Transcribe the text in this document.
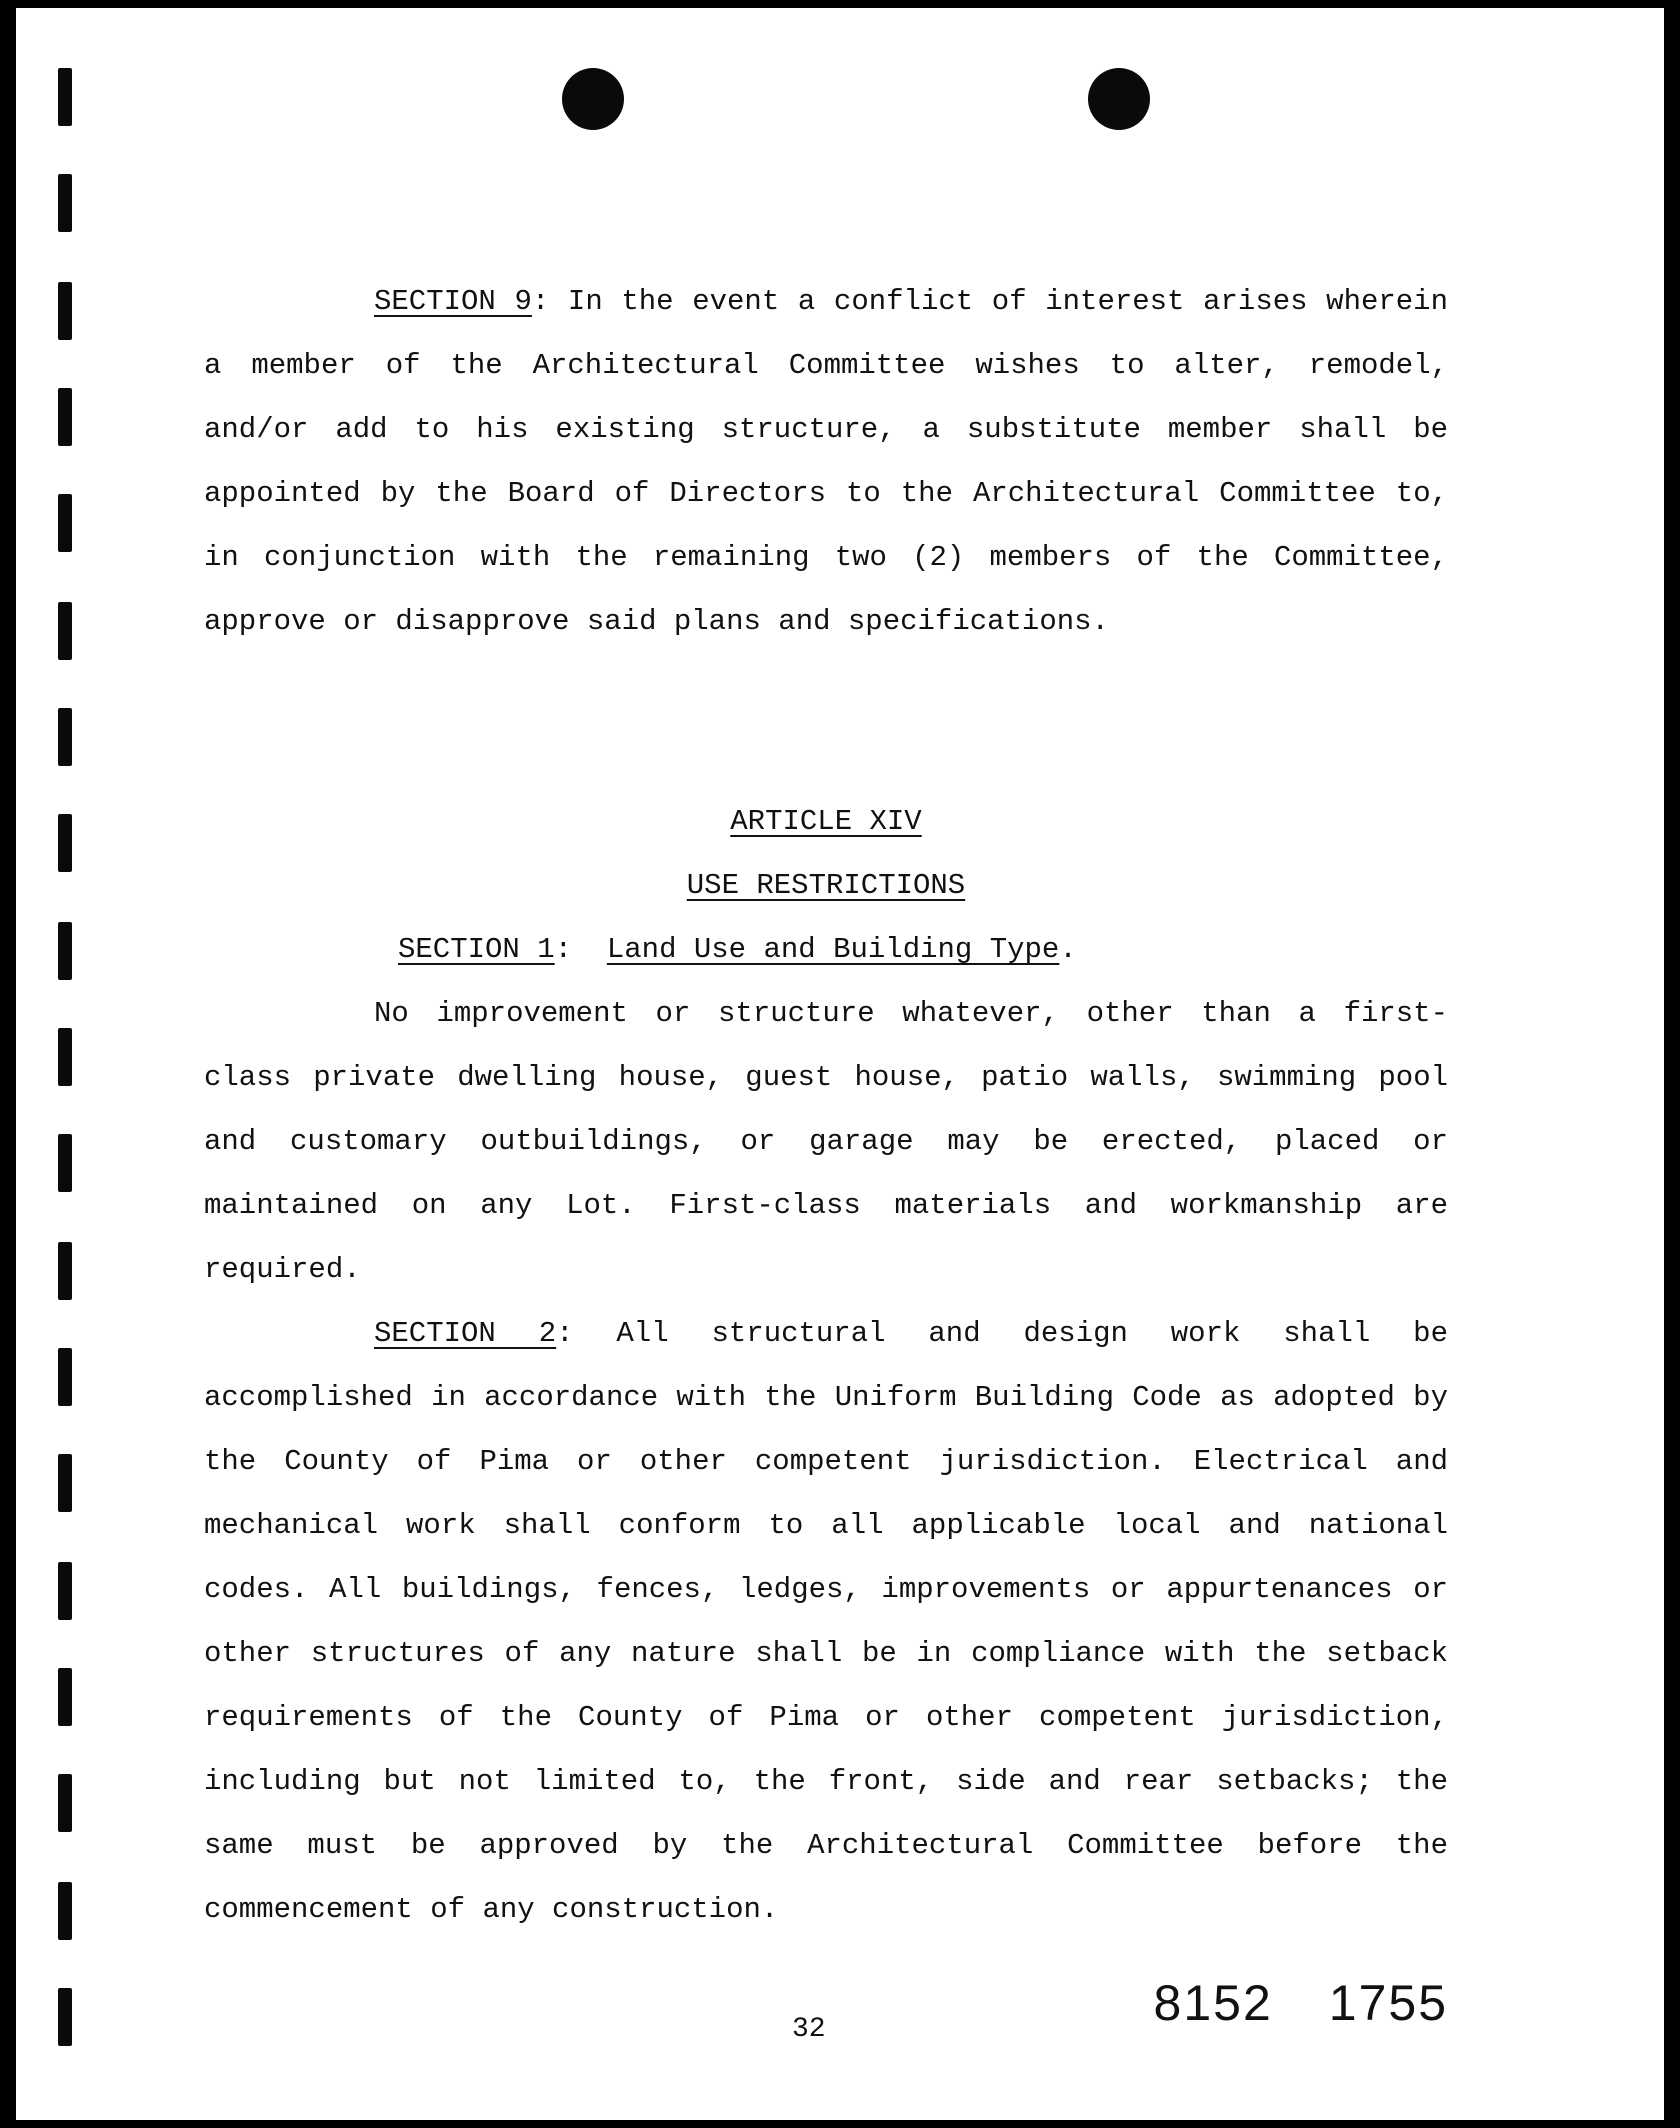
SECTION 9: In the event a conflict of interest arises wherein a member of the Architectural Committee wishes to alter, remodel, and/or add to his existing structure, a substitute member shall be appointed by the Board of Directors to the Architectural Committee to, in conjunction with the remaining two (2) members of the Committee, approve or disapprove said plans and specifications.

ARTICLE XIV

USE RESTRICTIONS

SECTION 1: Land Use and Building Type.

No improvement or structure whatever, other than a first-class private dwelling house, guest house, patio walls, swimming pool and customary outbuildings, or garage may be erected, placed or maintained on any Lot. First-class materials and workmanship are required.

SECTION 2: All structural and design work shall be accomplished in accordance with the Uniform Building Code as adopted by the County of Pima or other competent jurisdiction. Electrical and mechanical work shall conform to all applicable local and national codes. All buildings, fences, ledges, improvements or appurtenances or other structures of any nature shall be in compliance with the setback requirements of the County of Pima or other competent jurisdiction, including but not limited to, the front, side and rear setbacks; the same must be approved by the Architectural Committee before the commencement of any construction.

8152 1755
32
